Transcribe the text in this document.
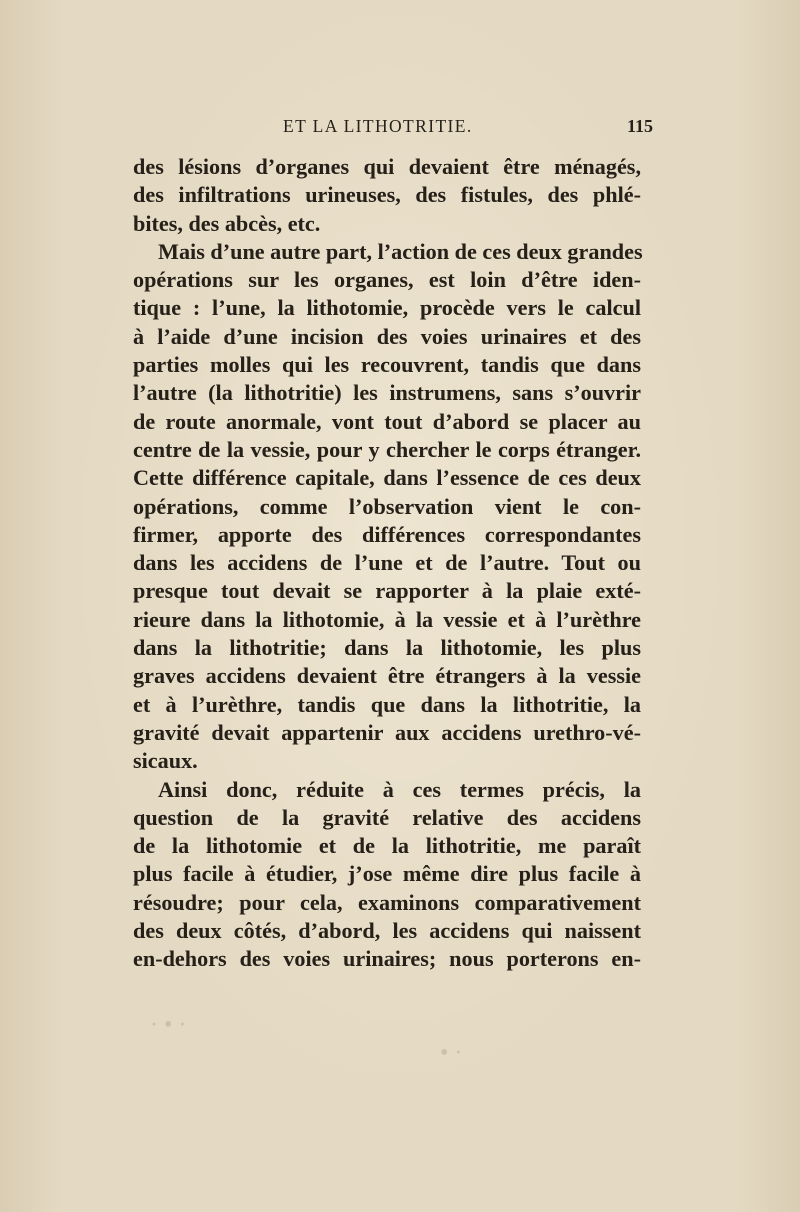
· • ·
· •
ET LA LITHOTRITIE.	115
des lésions d’organes qui devaient être ménagés,
des infiltrations urineuses, des fistules, des phlé-
bites, des abcès, etc.
Mais d’une autre part, l’action de ces deux grandes
opérations sur les organes, est loin d’être iden-
tique : l’une, la lithotomie, procède vers le calcul
à l’aide d’une incision des voies urinaires et des
parties molles qui les recouvrent, tandis que dans
l’autre (la lithotritie) les instrumens, sans s’ouvrir
de route anormale, vont tout d’abord se placer au
centre de la vessie, pour y chercher le corps étranger.
Cette différence capitale, dans l’essence de ces deux
opérations, comme l’observation vient le con-
firmer, apporte des différences correspondantes
dans les accidens de l’une et de l’autre. Tout ou
presque tout devait se rapporter à la plaie exté-
rieure dans la lithotomie, à la vessie et à l’urèthre
dans la lithotritie; dans la lithotomie, les plus
graves accidens devaient être étrangers à la vessie
et à l’urèthre, tandis que dans la lithotritie, la
gravité devait appartenir aux accidens urethro-vé-
sicaux.
Ainsi donc, réduite à ces termes précis, la
question de la gravité relative des accidens
de la lithotomie et de la lithotritie, me paraît
plus facile à étudier, j’ose même dire plus facile à
résoudre; pour cela, examinons comparativement
des deux côtés, d’abord, les accidens qui naissent
en-dehors des voies urinaires; nous porterons en-
